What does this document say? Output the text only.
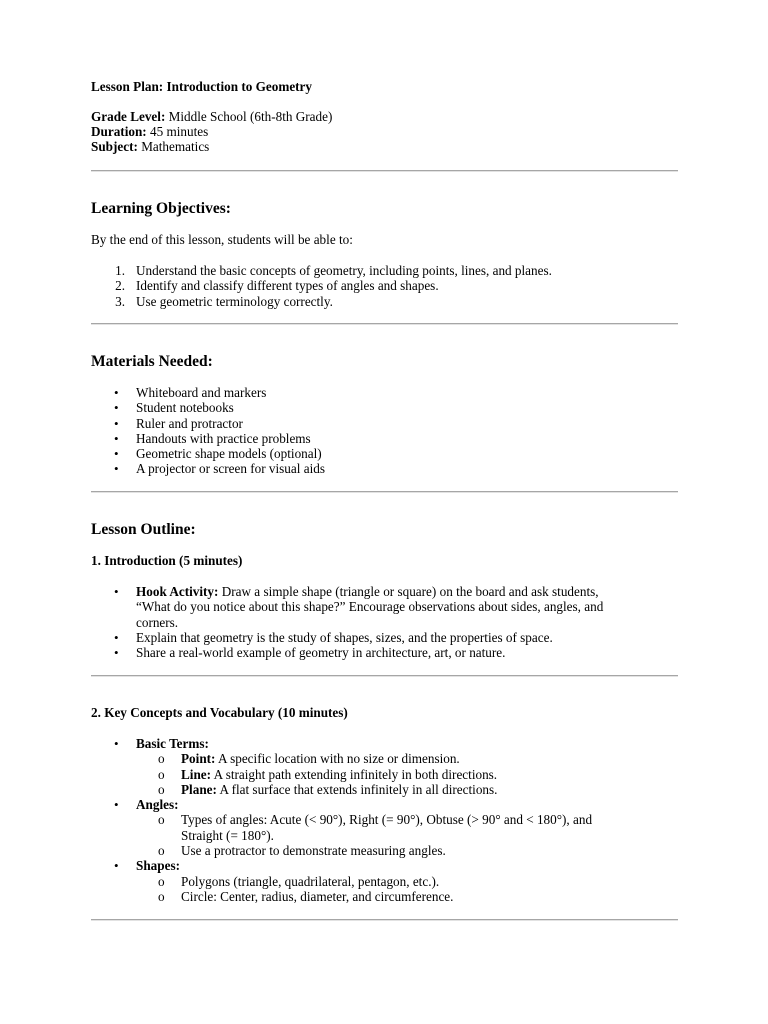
Lesson Plan: Introduction to Geometry
Grade Level: Middle School (6th-8th Grade)
Duration: 45 minutes
Subject: Mathematics
Learning Objectives:
By the end of this lesson, students will be able to:
1. Understand the basic concepts of geometry, including points, lines, and planes.
2. Identify and classify different types of angles and shapes.
3. Use geometric terminology correctly.
Materials Needed:
• Whiteboard and markers
• Student notebooks
• Ruler and protractor
• Handouts with practice problems
• Geometric shape models (optional)
• A projector or screen for visual aids
Lesson Outline:
1. Introduction (5 minutes)
• Hook Activity: Draw a simple shape (triangle or square) on the board and ask students,
“What do you notice about this shape?” Encourage observations about sides, angles, and
corners.
• Explain that geometry is the study of shapes, sizes, and the properties of space.
• Share a real-world example of geometry in architecture, art, or nature.
2. Key Concepts and Vocabulary (10 minutes)
• Basic Terms:
o Point: A specific location with no size or dimension.
o Line: A straight path extending infinitely in both directions.
o Plane: A flat surface that extends infinitely in all directions.
• Angles:
o Types of angles: Acute (< 90°), Right (= 90°), Obtuse (> 90° and < 180°), and
Straight (= 180°).
o Use a protractor to demonstrate measuring angles.
• Shapes:
o Polygons (triangle, quadrilateral, pentagon, etc.).
o Circle: Center, radius, diameter, and circumference.
